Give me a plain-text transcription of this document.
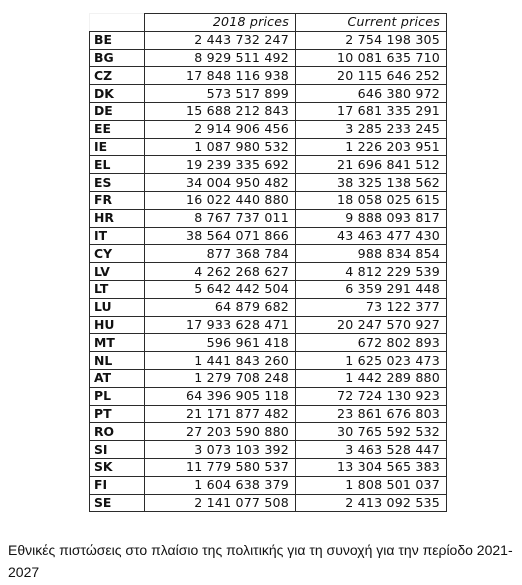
	2018 prices	Current prices
BE	2 443 732 247	2 754 198 305
BG	8 929 511 492	10 081 635 710
CZ	17 848 116 938	20 115 646 252
DK	573 517 899	646 380 972
DE	15 688 212 843	17 681 335 291
EE	2 914 906 456	3 285 233 245
IE	1 087 980 532	1 226 203 951
EL	19 239 335 692	21 696 841 512
ES	34 004 950 482	38 325 138 562
FR	16 022 440 880	18 058 025 615
HR	8 767 737 011	9 888 093 817
IT	38 564 071 866	43 463 477 430
CY	877 368 784	988 834 854
LV	4 262 268 627	4 812 229 539
LT	5 642 442 504	6 359 291 448
LU	64 879 682	73 122 377
HU	17 933 628 471	20 247 570 927
MT	596 961 418	672 802 893
NL	1 441 843 260	1 625 023 473
AT	1 279 708 248	1 442 289 880
PL	64 396 905 118	72 724 130 923
PT	21 171 877 482	23 861 676 803
RO	27 203 590 880	30 765 592 532
SI	3 073 103 392	3 463 528 447
SK	11 779 580 537	13 304 565 383
FI	1 604 638 379	1 808 501 037
SE	2 141 077 508	2 413 092 535
Εθνικές πιστώσεις στο πλαίσιο της πολιτικής για τη συνοχή για την περίοδο 2021-2027
